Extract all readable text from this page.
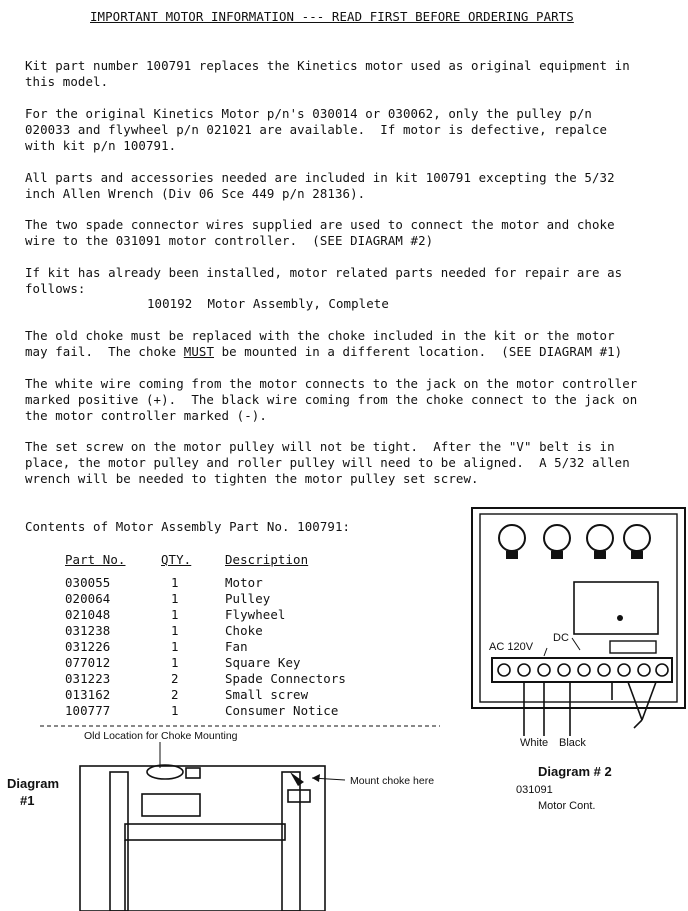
IMPORTANT MOTOR INFORMATION --- READ FIRST BEFORE ORDERING PARTS
Kit part number 100791 replaces the Kinetics motor used as original equipment in
this model.
For the original Kinetics Motor p/n's 030014 or 030062, only the pulley p/n
020033 and flywheel p/n 021021 are available.  If motor is defective, repalce
with kit p/n 100791.
All parts and accessories needed are included in kit 100791 excepting the 5/32
inch Allen Wrench (Div 06 Sce 449 p/n 28136).
The two spade connector wires supplied are used to connect the motor and choke
wire to the 031091 motor controller.  (SEE DIAGRAM #2)
If kit has already been installed, motor related parts needed for repair are as
follows:
100192  Motor Assembly, Complete
The old choke must be replaced with the choke included in the kit or the motor
may fail.  The choke MUST be mounted in a different location.  (SEE DIAGRAM #1)
The white wire coming from the motor connects to the jack on the motor controller
marked positive (+).  The black wire coming from the choke connect to the jack on
the motor controller marked (-).
The set screw on the motor pulley will not be tight.  After the "V" belt is in
place, the motor pulley and roller pulley will need to be aligned.  A 5/32 allen
wrench will be needed to tighten the motor pulley set screw.
Contents of Motor Assembly Part No. 100791:
Part No.	QTY.	Description
030055	1	Motor
020064	1	Pulley
021048	1	Flywheel
031238	1	Choke
031226	1	Fan
077012	1	Square Key
031223	2	Spade Connectors
013162	2	Small screw
100777	1	Consumer Notice
AC 120V
DC
White Black
Diagram # 2
031091
Motor Cont.
Old Location for Choke Mounting
Diagram
#1
Mount choke here
